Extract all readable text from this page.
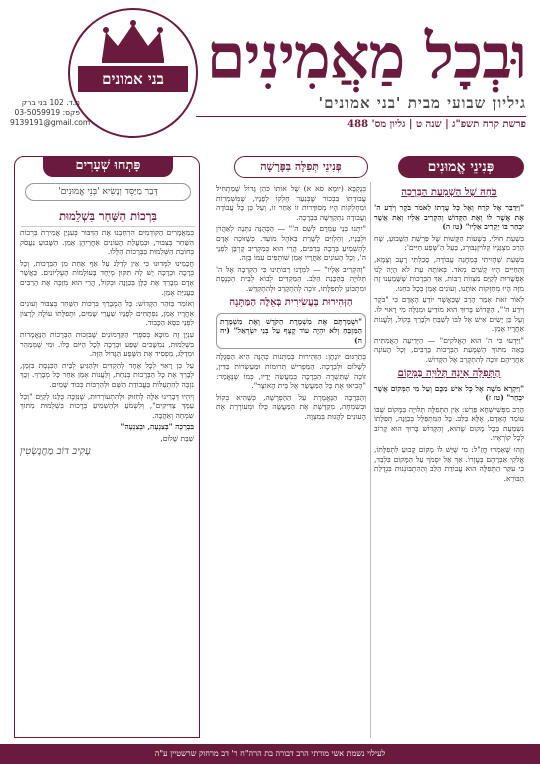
וּבְכָל מַאֲמִינִים
גיליון שבועי מבית 'בני אמונים'
פרשת קרח תשפ"ג | שנה ט | גליון מס' 488
בני אמונים
ת.ד. 102 בני ברק
פקס: 03-5059919
9139191@gmail.com
פְּנִינֵי אֱמוּנִים
כֹּחָהּ שֶׁל הַשְׁמָעַת הַבְּרָכָה
"וַיִּדַּבֵּר אֶל קֹרַח וְאֶל כָּל עֲדָתוֹ לֵאמֹר בֹּקֶר וְיֹדַע ה' אֶת אֲשֶׁר לוֹ וְאֶת הַקָּדוֹשׁ וְהִקְרִיב אֵלָיו וְאֵת אֲשֶׁר יִבְחַר בּוֹ יַקְרִיב אֵלָיו" (טז ה)
בִּשְׁעַת חוֹלִי, בְּשָׁעוֹת הַקָּשׁוֹת שֶׁל פַּרְשַׁת הַשָּׁבוּעַ, שָׁח הָרַב מִצְגַּנְיוֹ קְלוֹיזֶנְבּוּרְג, בַּעַל הַ'שֶּׁפַע חַיִּים':
בִּשְׁעַת שֶׁהָיִיתִי בְּמַחֲנֵה עֲבוֹדָה, סָבַלְתִּי רָעָב וְצָמָא, וְהַחַיִּים הָיוּ קָשִׁים מְאֹד. בְּאוֹתָהּ עֵת לֹא הָיָה לָנוּ אֶפְשָׁרוּת לְקַיֵּם מִצְווֹת רַבּוֹת, אַךְ הַבְּרָכוֹת שֶׁשָּׁמַעְנוּ זֶה מִזֶּה הָיוּ מְחַזְּקוֹת אוֹתָנוּ, וְעוֹנִים אָמֵן בְּכָל כֹּחֵנוּ.
לְאוֹר זֹאת אָמַר הָרַב שֶׁכַּאֲשֶׁר יוֹדֵעַ הָאָדָם כִּי "בֹּקֶר וְיֹדַע ה'", הַקָּדוֹשׁ בָּרוּךְ הוּא מוֹדִיעַ וּמְגַלֶּה מִי רָאוּי לוֹ. וְעַל כֵּן יָשִׂים אִישׁ אֶל לִבּוֹ לְשַׁבֵּחַ וּלְבָרֵךְ בְּקוֹל, וְלַעֲנוֹת אַחֲרָיו אָמֵן.
"וַיֵּדְעוּ כִּי ה' הוּא הָאֱלֹקִים" — הַיְּדִיעָה הָאֲמִתִּית בָּאָה מִתּוֹךְ הַשְׁמָעַת הַבְּרָכוֹת בָּרַבִּים, וְכָל הָעוֹנֶה אַחֲרֵיהֶם זוֹכֶה לְהִתְקָרֵב אֶל הַקָּדוֹשׁ.
הַתְּפִלָּה אֵינָהּ תְּלוּיָה בַּמָּקוֹם
"וַיִּקְרָא מֹשֶׁה אֶל כָּל אִישׁ מִכֶּם וְעַל מִי הַמָּקוֹם אֲשֶׁר יִבְחַר" (טז ז)
הָרַב מִפְּשִׁישְׁחָא פֵּרֵשׁ: אֵין הַתְּפִלָּה תְּלוּיָה בַּמָּקוֹם שֶׁבּוֹ עוֹמֵד הָאָדָם, אֶלָּא בַּלֵּב. כָּל הַמִּתְפַּלֵּל בְּכַוָּנָה, תְּפִלָּתוֹ נִשְׁמַעַת בְּכָל מָקוֹם שֶׁהוּא, וְהַקָּדוֹשׁ בָּרוּךְ הוּא קָרוֹב לְכָל קוֹרְאָיו.
וְזֶהוּ שֶׁאָמְרוּ חֲזַ"ל: מִי שֶׁיֵּשׁ לוֹ מָקוֹם קָבוּעַ לִתְפִלָּתוֹ, אֱלֹקֵי אַבְרָהָם בְּעֶזְרוֹ. אַךְ אַל יִסְמֹךְ עַל הַמָּקוֹם בִּלְבַד, כִּי עִקַּר הַתְּפִלָּה הוּא עֲבוֹדַת הַלֵּב וְהַהִתְבּוֹנְנוּת בִּגְדֻלַּת הַבּוֹרֵא.
פְּנִינֵי תְּפִלָּה בַּפָּרָשָׁה
בְּנֻקְבָּא (יוּמָא סא א) שֶׁל אוֹתוֹ כֹּהֵן גָּדוֹל שֶׁמַּתְחִיל עֲבוֹדָתוֹ בִּבְכוֹר שֶׁבְּנַעַר חֶלְקוֹ לְפָנָיו, שֶׁמִּשְׁמְרוֹת וּמַחְלְקוֹת הָיוּ מְסוּדָּרוֹת זוֹ אַחַר זוֹ, וְעַל כֵּן כָּל עֲבוֹדָה וַעֲבוֹדָה נִתְקַדְּשָׁה בִּבְרָכָה.
"יִתְּנוּ בְּנֵי עַמְרָם לְשֵׁם ה'" — הַכְּהֻנָּה נִתְּנָה לְאַהֲרֹן וּלְבָנָיו, וְהַלְוִיִּם לְשָׁרֵת בַּאֹהֶל מוֹעֵד. כְּשֶׁזּוֹכֶה אָדָם לְהַשְׁמִיעַ בְּרָכָה בְּרַבִּים, הֲרֵי הוּא כְּמַקְרִיב קָרְבָּן לִפְנֵי ה', וְכָל הָעוֹנִים אַחֲרָיו אָמֵן שׁוֹתְפִים עִמּוֹ בְּזֶה.
"וְהִקְרִיב אֵלָיו" — לִמְּדָנוּ רַבּוֹתֵינוּ כִּי הַקִּרְבָה אֶל ה' תְּלוּיָה בְּהַכָּנַת הַלֵּב. הַמַּקְדִּים לְבוֹא לְבֵית הַכְּנֶסֶת וּמִתְכּוֹנֵן לִתְפִלָּתוֹ, זוֹכֶה לְהִתְקָרֵב וּלְהִתְקַדֵּשׁ.
הַזְּהִירוּת בְּעֲשִׂירִית בְּאֵלֶּה הַמַּתָּנָה
"וּשְׁמַרְתֶּם אֶת מִשְׁמֶרֶת הַקֹּדֶשׁ וְאֶת מִשְׁמֶרֶת הַמִּזְבֵּחַ וְלֹא יִהְיֶה עוֹד קֶצֶף עַל בְּנֵי יִשְׂרָאֵל" (יח ה)
בְּתַרְגּוּם יוֹנָתָן: הַזְּהִירוּת בְּמַתְּנוֹת כְּהֻנָּה הִיא הַסְּגֻלָּה לְשָׁלוֹם וּלְבְרָכָה. הַמַּפְרִישׁ תְּרוּמוֹת וּמַעַשְׂרוֹת כַּדִּין, זוֹכֶה שֶׁתִּשְׁרֶה הַבְּרָכָה בְּמַעֲשֵׂה יָדָיו, כְּמוֹ שֶׁנֶּאֱמַר: "הָבִיאוּ אֶת כָּל הַמַּעֲשֵׂר אֶל בֵּית הָאוֹצָר".
וְהַבְּרָכָה הַנֶּאֱמֶרֶת עַל הַהַפְרָשָׁה, כְּשֶׁהִיא בְּקוֹל וּבְשִׂמְחָה, מְקַדֶּשֶׁת אֶת הַמַּעֲשֶׂה כֻּלּוֹ וּמְעוֹרֶרֶת אֶת הָעוֹנִים לַהֲגוּת בְּמִצְוָה.
פָּתְחוּ שְׁעָרִים
דְּבַר מַיַּסֵּד וְנָשִׂיא 'בְּנֵי אֱמוּנִים'
בִּרְכוֹת הַשַּׁחַר בִּשְׁלֵמוּת
בְּמַאֲמָרִים הַקּוֹדְמִים הִרְחַבְנוּ אֶת הַדִּבּוּר בְּעִנְיַן אֲמִירַת בִּרְכוֹת הַשַּׁחַר בְּצִבּוּר, וּבְמַעֲלַת הָעוֹנִים אַחֲרֵיהֶן אָמֵן. הַשָּׁבוּעַ נַעֲסֹק בְּחוֹבַת הַשְּׁלֵמוּת בַּבְּרָכוֹת הַלָּלוּ.
חֲכָמֵינוּ לִמְּדוּנוּ כִּי אֵין לְדַלֵּג עַל אַף אַחַת מִן הַבְּרָכוֹת, וְכָל בְּרָכָה וּבְרָכָה יֵשׁ לָהּ תִּקּוּן מְיֻחָד בָּעוֹלָמוֹת הָעֶלְיוֹנִים. כַּאֲשֶׁר אָדָם מְבָרֵךְ אֶת כֻּלָּן בְּכַוָּנָה וּבְקוֹל, הֲרֵי הוּא מְזַכֶּה אֶת הָרַבִּים בַּעֲנִיַּת אָמֵן.
וְאוֹמֵר בַּזֹּהַר הַקָּדוֹשׁ: כָּל הַמְבָרֵךְ בִּרְכוֹת הַשַּׁחַר בְּצִבּוּר וְעוֹנִים אַחֲרָיו אָמֵן, נִפְתָּחִים לְפָנָיו שַׁעֲרֵי שָׁמַיִם, וּתְפִלָּתוֹ עוֹלָה לְרָצוֹן לִפְנֵי כִּסֵּא הַכָּבוֹד.
עִנְיָן זֶה מוּבָא בְּסִפְרֵי הַקַּדְמוֹנִים שֶׁבִּזְכוּת הַבְּרָכוֹת הַנֶּאֱמָרוֹת בִּשְׁלֵמוּת, נִמְשָׁכִים שֶׁפַע וּבְרָכָה לְכָל הַיּוֹם כֻּלּוֹ. וּמִי שֶׁמְּמַהֵר וּמְדַלֵּג, מַפְסִיד אֶת הַשֶּׁפַע הַגָּדוֹל הַזֶּה.
עַל כֵּן רָאוּי לְכָל אֶחָד לְהַקְדִּים וּלְהַגִּיעַ לְבֵית הַכְּנֶסֶת בִּזְמַן, לְבָרֵךְ אֶת כָּל הַבְּרָכוֹת בְּנַחַת, וְלַעֲנוֹת אָמֵן אַחַר כָּל מְבָרֵךְ. וְכָךְ נִזְכֶּה לְהִתְעַלּוֹת בַּעֲבוֹדַת הַשֵּׁם וּלְהַרְבּוֹת כְּבוֹד שָׁמַיִם.
וְיִהְיוּ דְּבָרֵינוּ אֵלֶּה לְחִזּוּק וּלְהִתְעוֹרְרוּת, שֶׁנִּזְכֶּה כֻּלָּנוּ לְקַיֵּם "וְכָל עַמֵּךְ צַדִּיקִים", וְלִשְׁמֹעַ וּלְהַשְׁמִיעַ בְּרָכוֹת בִּשְׁלֵמוּת מִתּוֹךְ שִׂמְחָה וְאַהֲבָה.
בִּבְרָכָה "בְּצִנְעָה, וּבְצִנְעָה"
שַׁבַּת שָׁלוֹם,
עָקִיב דוֹב מַחֲנֶשְׂטִין
לעילוי נשמת אשי מורתי הרב דבורה בת הרה"ח ר' דב מרחוק שרשטיין ע"ה
